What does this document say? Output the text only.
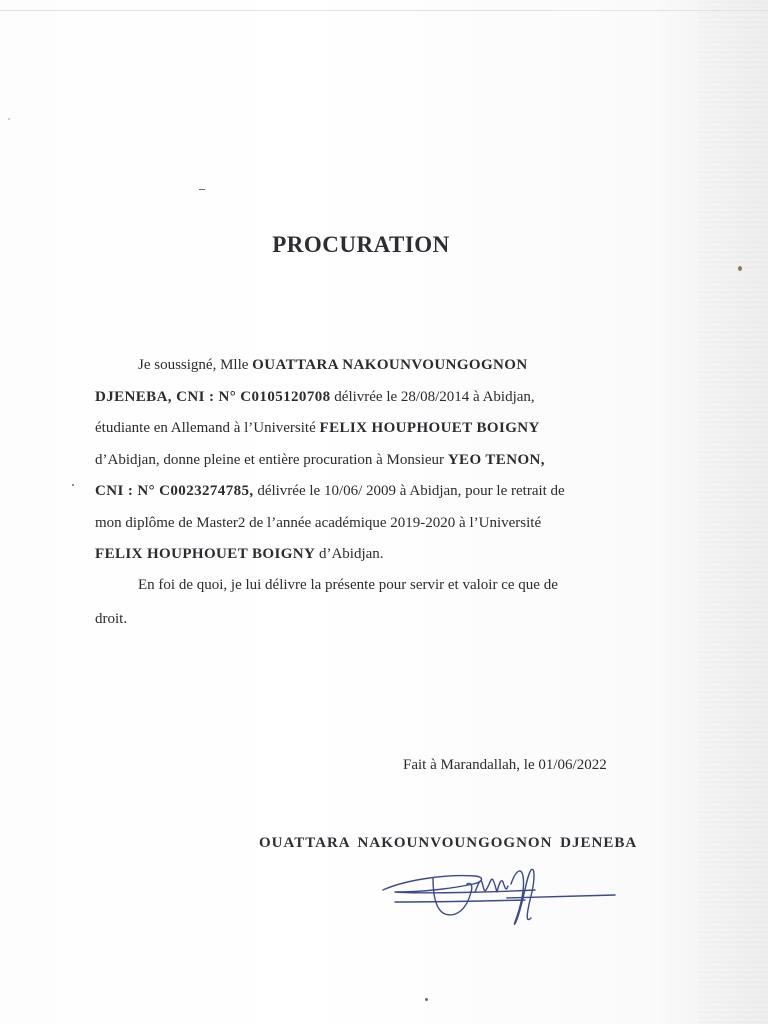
PROCURATION
Je soussigné, Mlle OUATTARA NAKOUNVOUNGOGNON
DJENEBA, CNI : N° C0105120708 délivrée le 28/08/2014 à Abidjan,
étudiante en Allemand à l’Université FELIX HOUPHOUET BOIGNY
d’Abidjan, donne pleine et entière procuration à Monsieur YEO TENON,
CNI : N° C0023274785, délivrée le 10/06/ 2009 à Abidjan, pour le retrait de
mon diplôme de Master2 de l’année académique 2019-2020 à l’Université
FELIX HOUPHOUET BOIGNY d’Abidjan.
En foi de quoi, je lui délivre la présente pour servir et valoir ce que de
droit.
Fait à Marandallah, le 01/06/2022
OUATTARA NAKOUNVOUNGOGNON DJENEBA
